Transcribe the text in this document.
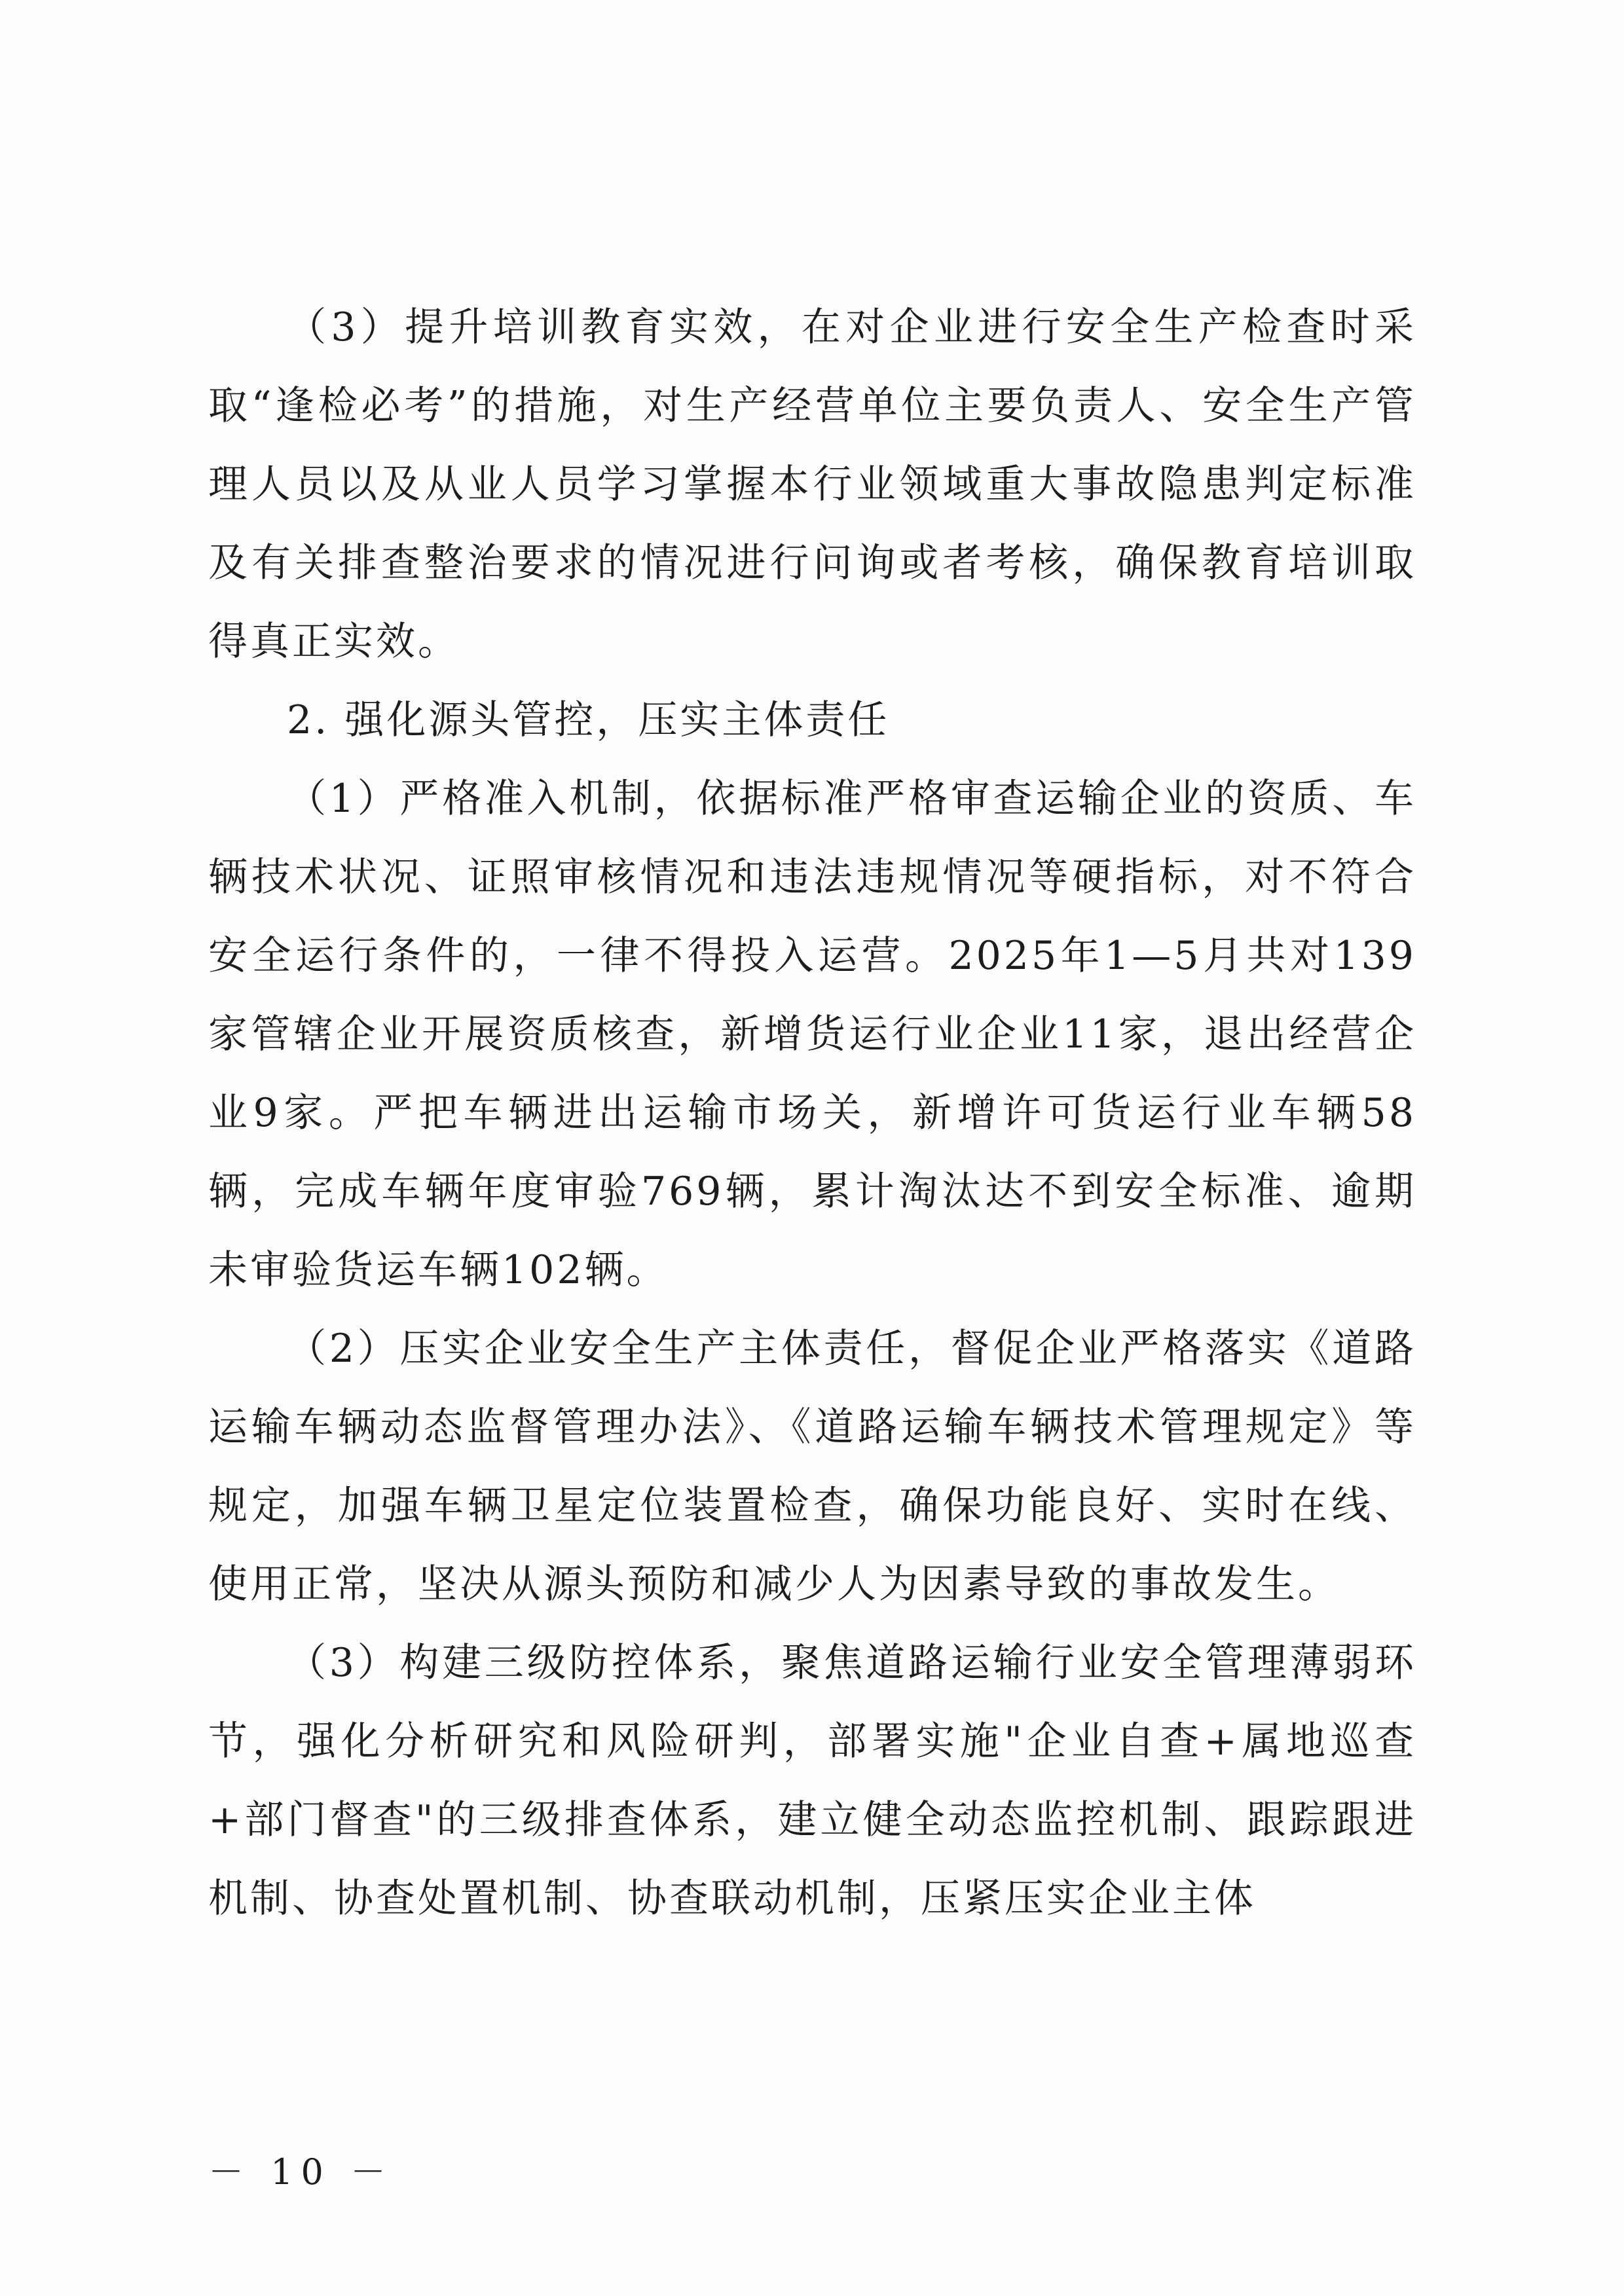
（3）提升培训教育实效，在对企业进行安全生产检查时采取“逢检必考”的措施，对生产经营单位主要负责人、安全生产管理人员以及从业人员学习掌握本行业领域重大事故隐患判定标准及有关排查整治要求的情况进行问询或者考核，确保教育培训取得真正实效。

2. 强化源头管控，压实主体责任

（1）严格准入机制，依据标准严格审查运输企业的资质、车辆技术状况、证照审核情况和违法违规情况等硬指标，对不符合安全运行条件的，一律不得投入运营。2025年1—5月共对139家管辖企业开展资质核查，新增货运行业企业11家，退出经营企业9家。严把车辆进出运输市场关，新增许可货运行业车辆58辆，完成车辆年度审验769辆，累计淘汰达不到安全标准、逾期未审验货运车辆102辆。

（2）压实企业安全生产主体责任，督促企业严格落实《道路运输车辆动态监督管理办法》、《道路运输车辆技术管理规定》等规定，加强车辆卫星定位装置检查，确保功能良好、实时在线、使用正常，坚决从源头预防和减少人为因素导致的事故发生。

（3）构建三级防控体系，聚焦道路运输行业安全管理薄弱环节，强化分析研究和风险研判，部署实施"企业自查+属地巡查+部门督查"的三级排查体系，建立健全动态监控机制、跟踪跟进机制、协查处置机制、协查联动机制，压紧压实企业主体

－ 10 －
